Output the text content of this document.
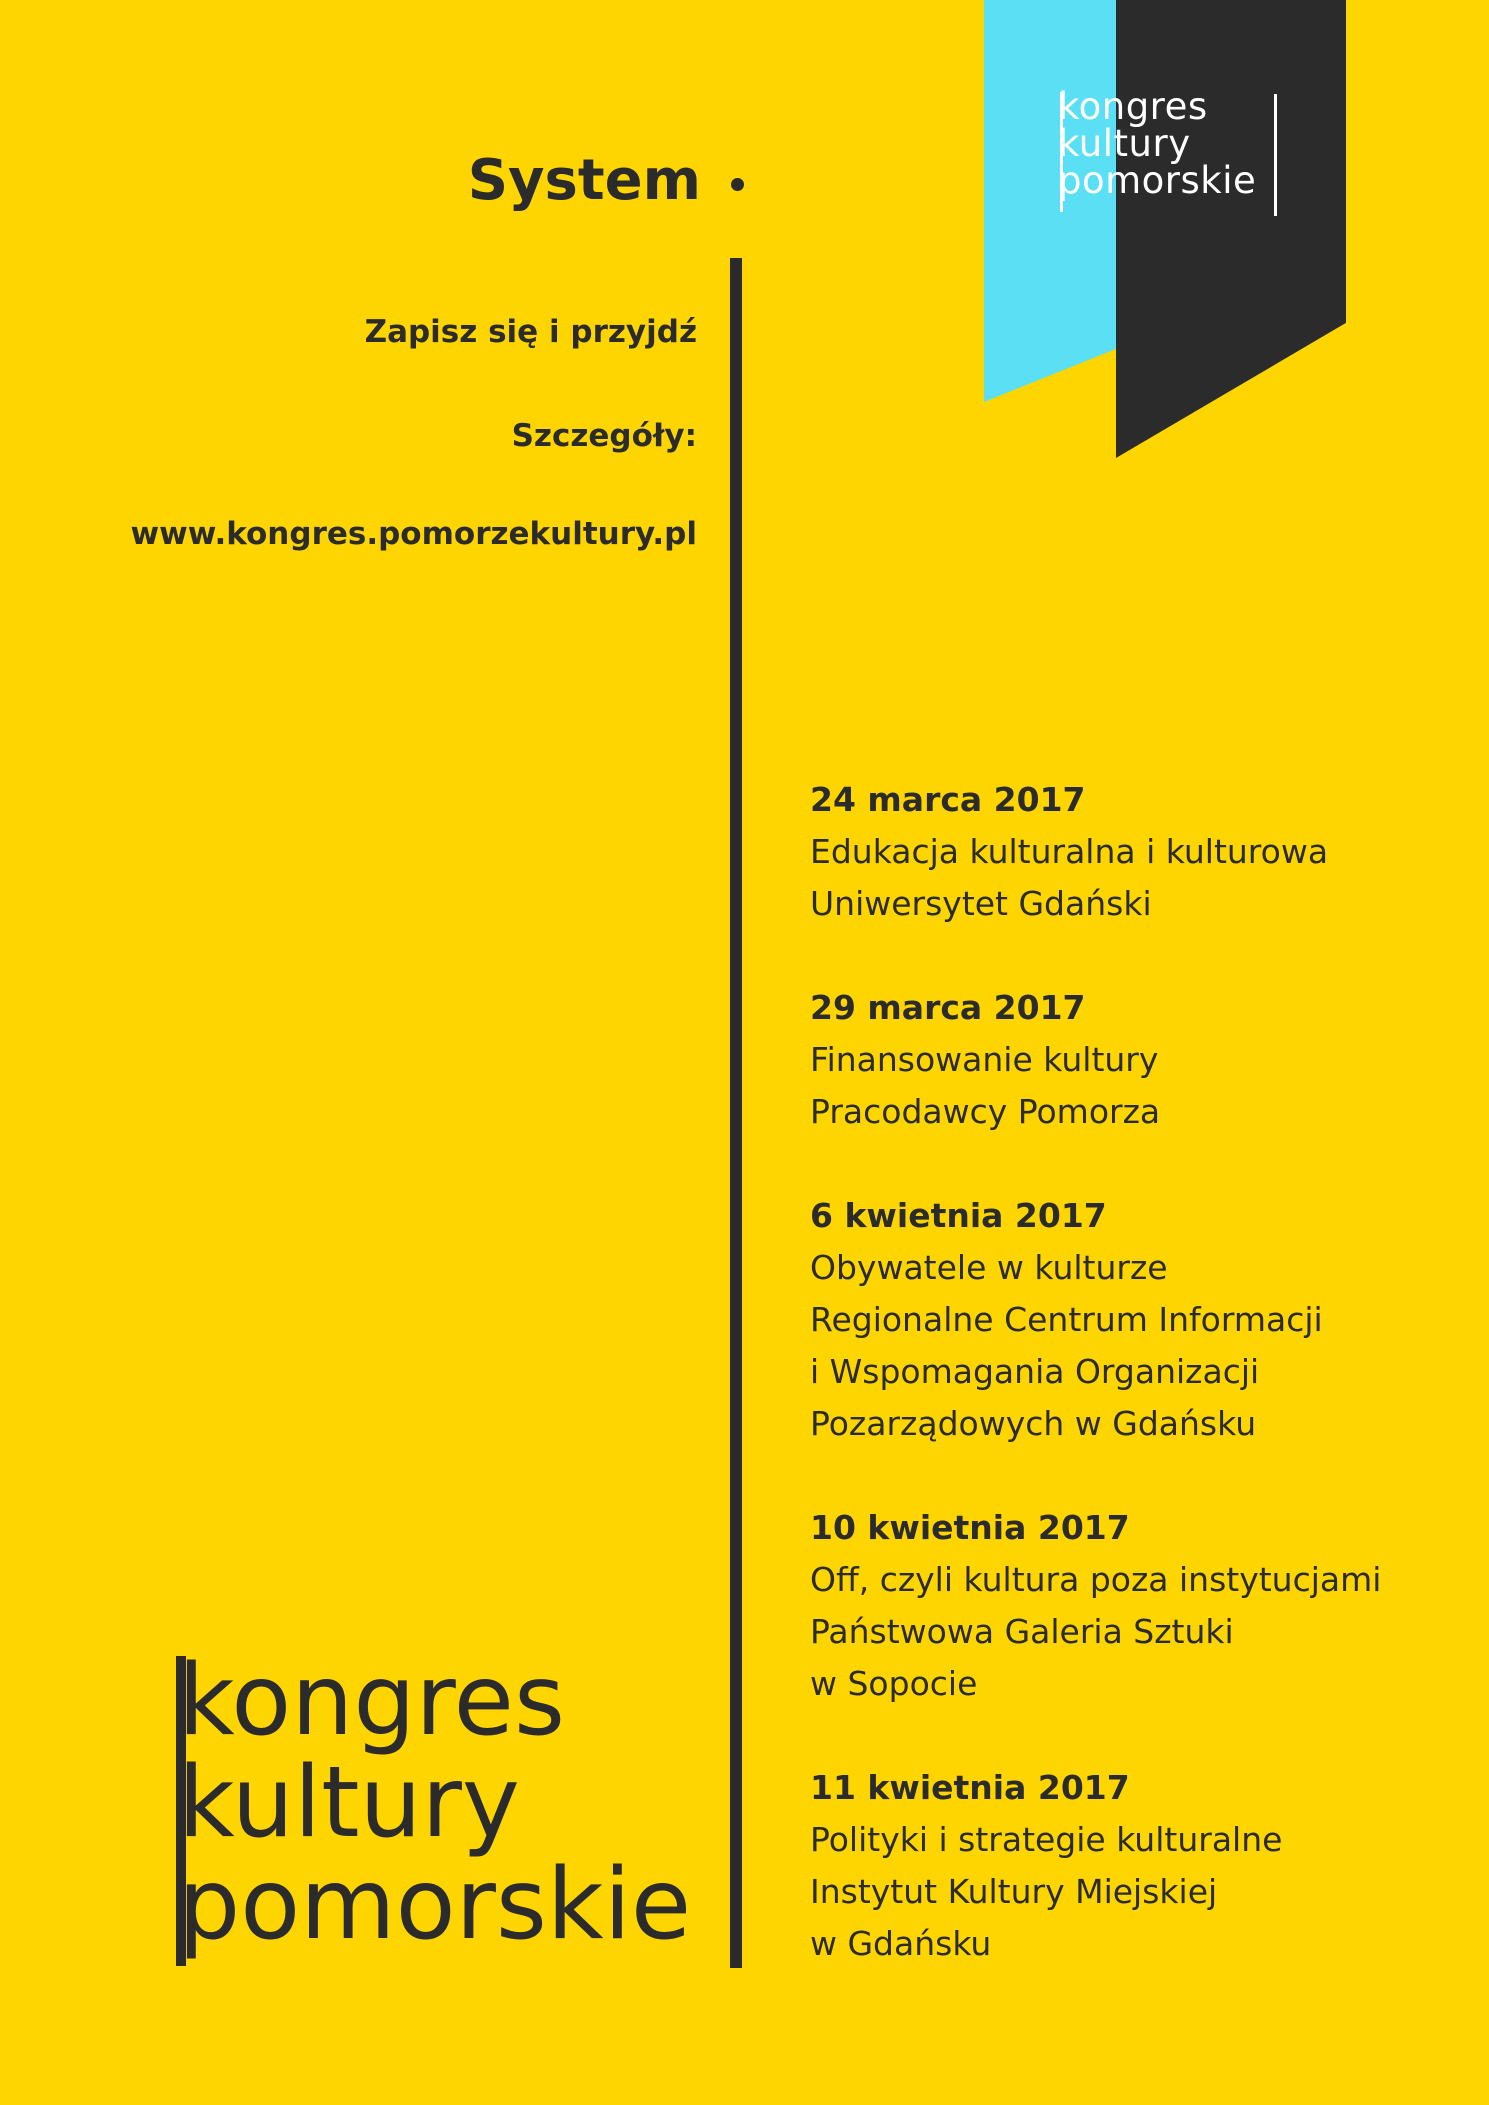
kongres
kultury
pomorskie
System
Zapisz się i przyjdź
Szczegóły:
www.kongres.pomorzekultury.pl
24 marca 2017
Edukacja kulturalna i kulturowa
Uniwersytet Gdański
29 marca 2017
Finansowanie kultury
Pracodawcy Pomorza
6 kwietnia 2017
Obywatele w kulturze
Regionalne Centrum Informacji
i Wspomagania Organizacji
Pozarządowych w Gdańsku
10 kwietnia 2017
Off, czyli kultura poza instytucjami
Państwowa Galeria Sztuki
w Sopocie
11 kwietnia 2017
Polityki i strategie kulturalne
Instytut Kultury Miejskiej
w Gdańsku
kongres
kultury
pomorskie
